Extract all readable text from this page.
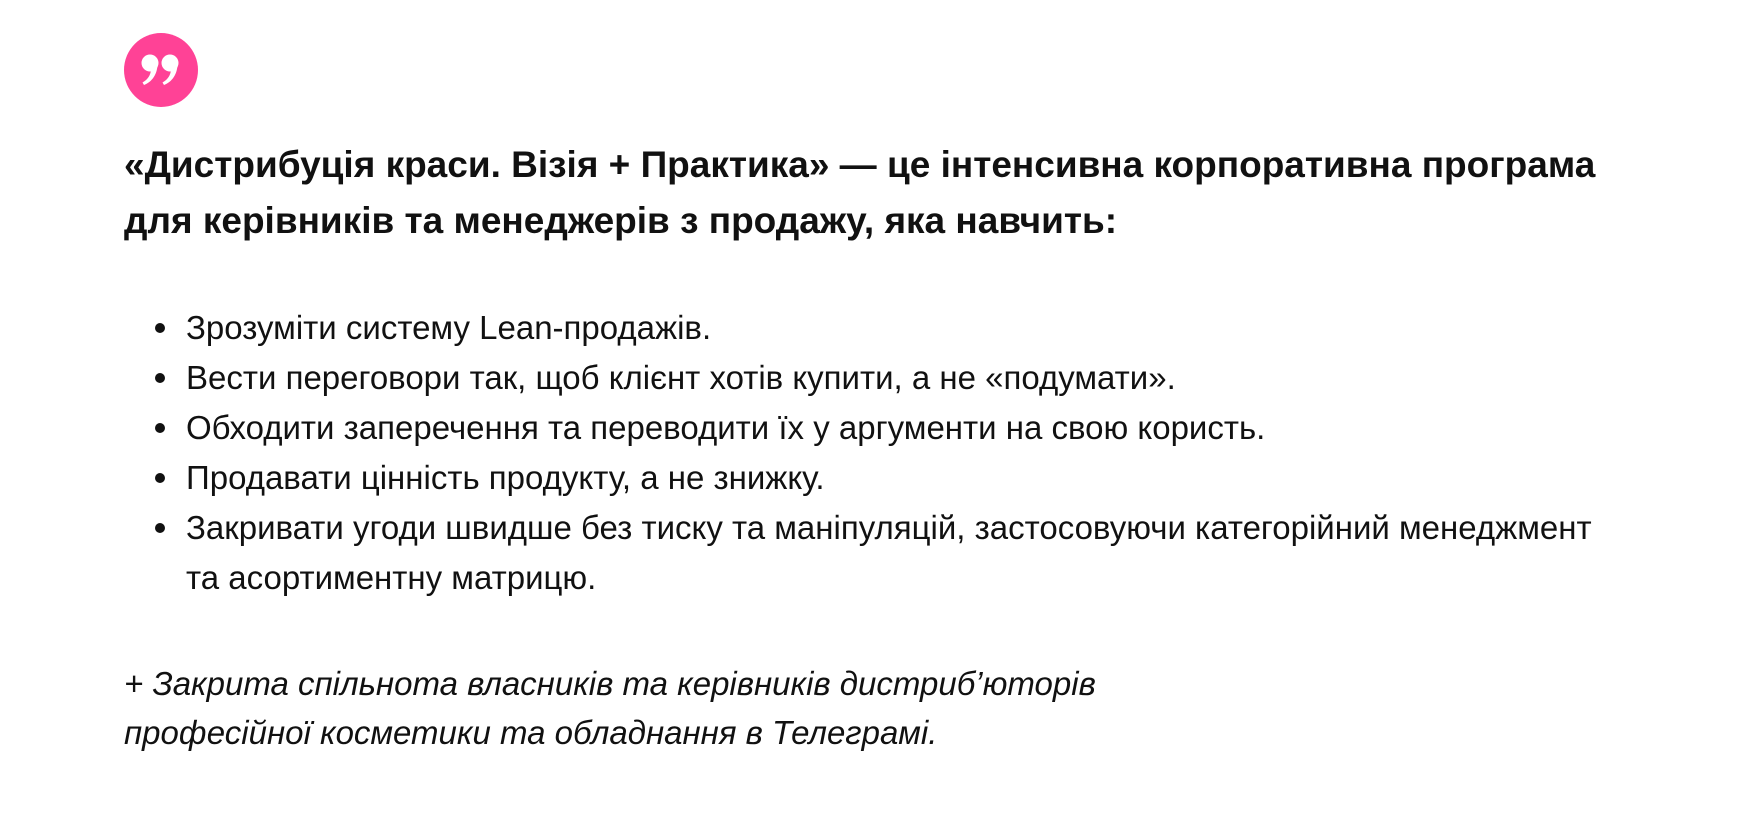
«Дистрибуція краси. Візія + Практика» — це інтенсивна корпоративна програма для керівників та менеджерів з продажу, яка навчить:

Зрозуміти систему Lean-продажів.
Вести переговори так, щоб клієнт хотів купити, а не «подумати».
Обходити заперечення та переводити їх у аргументи на свою користь.
Продавати цінність продукту, а не знижку.
Закривати угоди швидше без тиску та маніпуляцій, застосовуючи категорійний менеджмент та асортиментну матрицю.

+ Закрита спільнота власників та керівників дистриб’юторів
професійної косметики та обладнання в Телеграмі.
